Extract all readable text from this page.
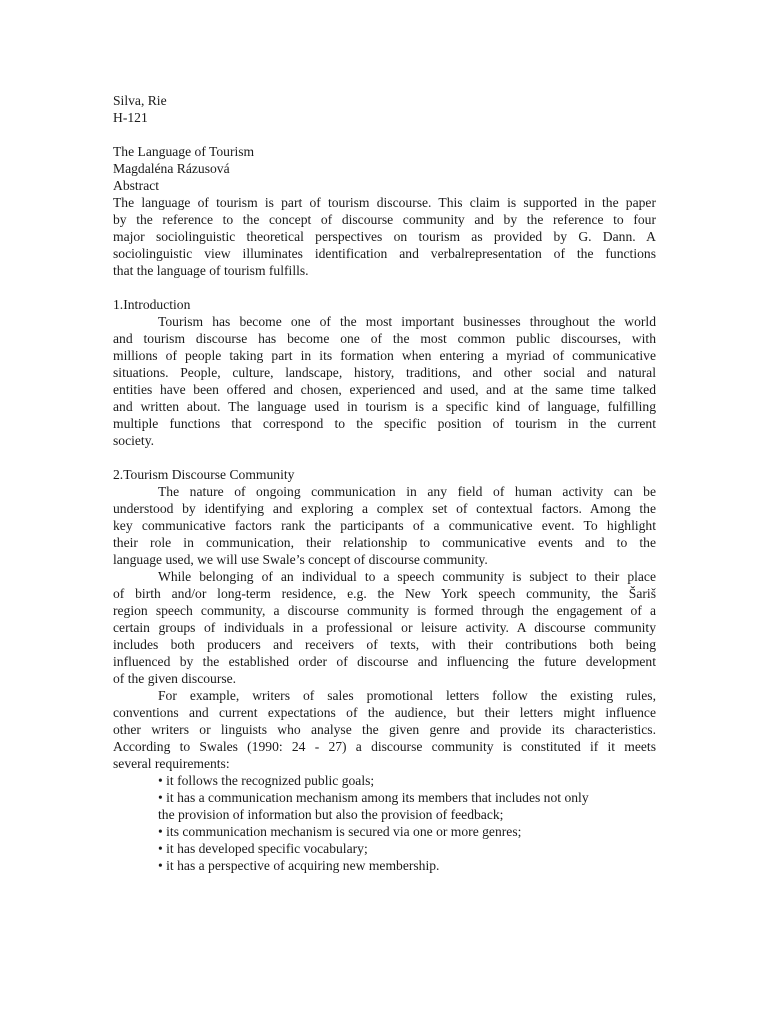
Silva, Rie
H-121
The Language of Tourism
Magdaléna Rázusová
Abstract
The language of tourism is part of tourism discourse. This claim is supported in the paper
by the reference to the concept of discourse community and by the reference to four
major sociolinguistic theoretical perspectives on tourism as provided by G. Dann. A
sociolinguistic view illuminates identification and verbalrepresentation of the functions
that the language of tourism fulfills.
1.Introduction
Tourism has become one of the most important businesses throughout the world
and tourism discourse has become one of the most common public discourses, with
millions of people taking part in its formation when entering a myriad of communicative
situations. People, culture, landscape, history, traditions, and other social and natural
entities have been offered and chosen, experienced and used, and at the same time talked
and written about. The language used in tourism is a specific kind of language, fulfilling
multiple functions that correspond to the specific position of tourism in the current
society.
2.Tourism Discourse Community
The nature of ongoing communication in any field of human activity can be
understood by identifying and exploring a complex set of contextual factors. Among the
key communicative factors rank the participants of a communicative event. To highlight
their role in communication, their relationship to communicative events and to the
language used, we will use Swale’s concept of discourse community.
While belonging of an individual to a speech community is subject to their place
of birth and/or long-term residence, e.g. the New York speech community, the Šariš
region speech community, a discourse community is formed through the engagement of a
certain groups of individuals in a professional or leisure activity. A discourse community
includes both producers and receivers of texts, with their contributions both being
influenced by the established order of discourse and influencing the future development
of the given discourse.
For example, writers of sales promotional letters follow the existing rules,
conventions and current expectations of the audience, but their letters might influence
other writers or linguists who analyse the given genre and provide its characteristics.
According to Swales (1990: 24 - 27) a discourse community is constituted if it meets
several requirements:
• it follows the recognized public goals;
• it has a communication mechanism among its members that includes not only
the provision of information but also the provision of feedback;
• its communication mechanism is secured via one or more genres;
• it has developed specific vocabulary;
• it has a perspective of acquiring new membership.
